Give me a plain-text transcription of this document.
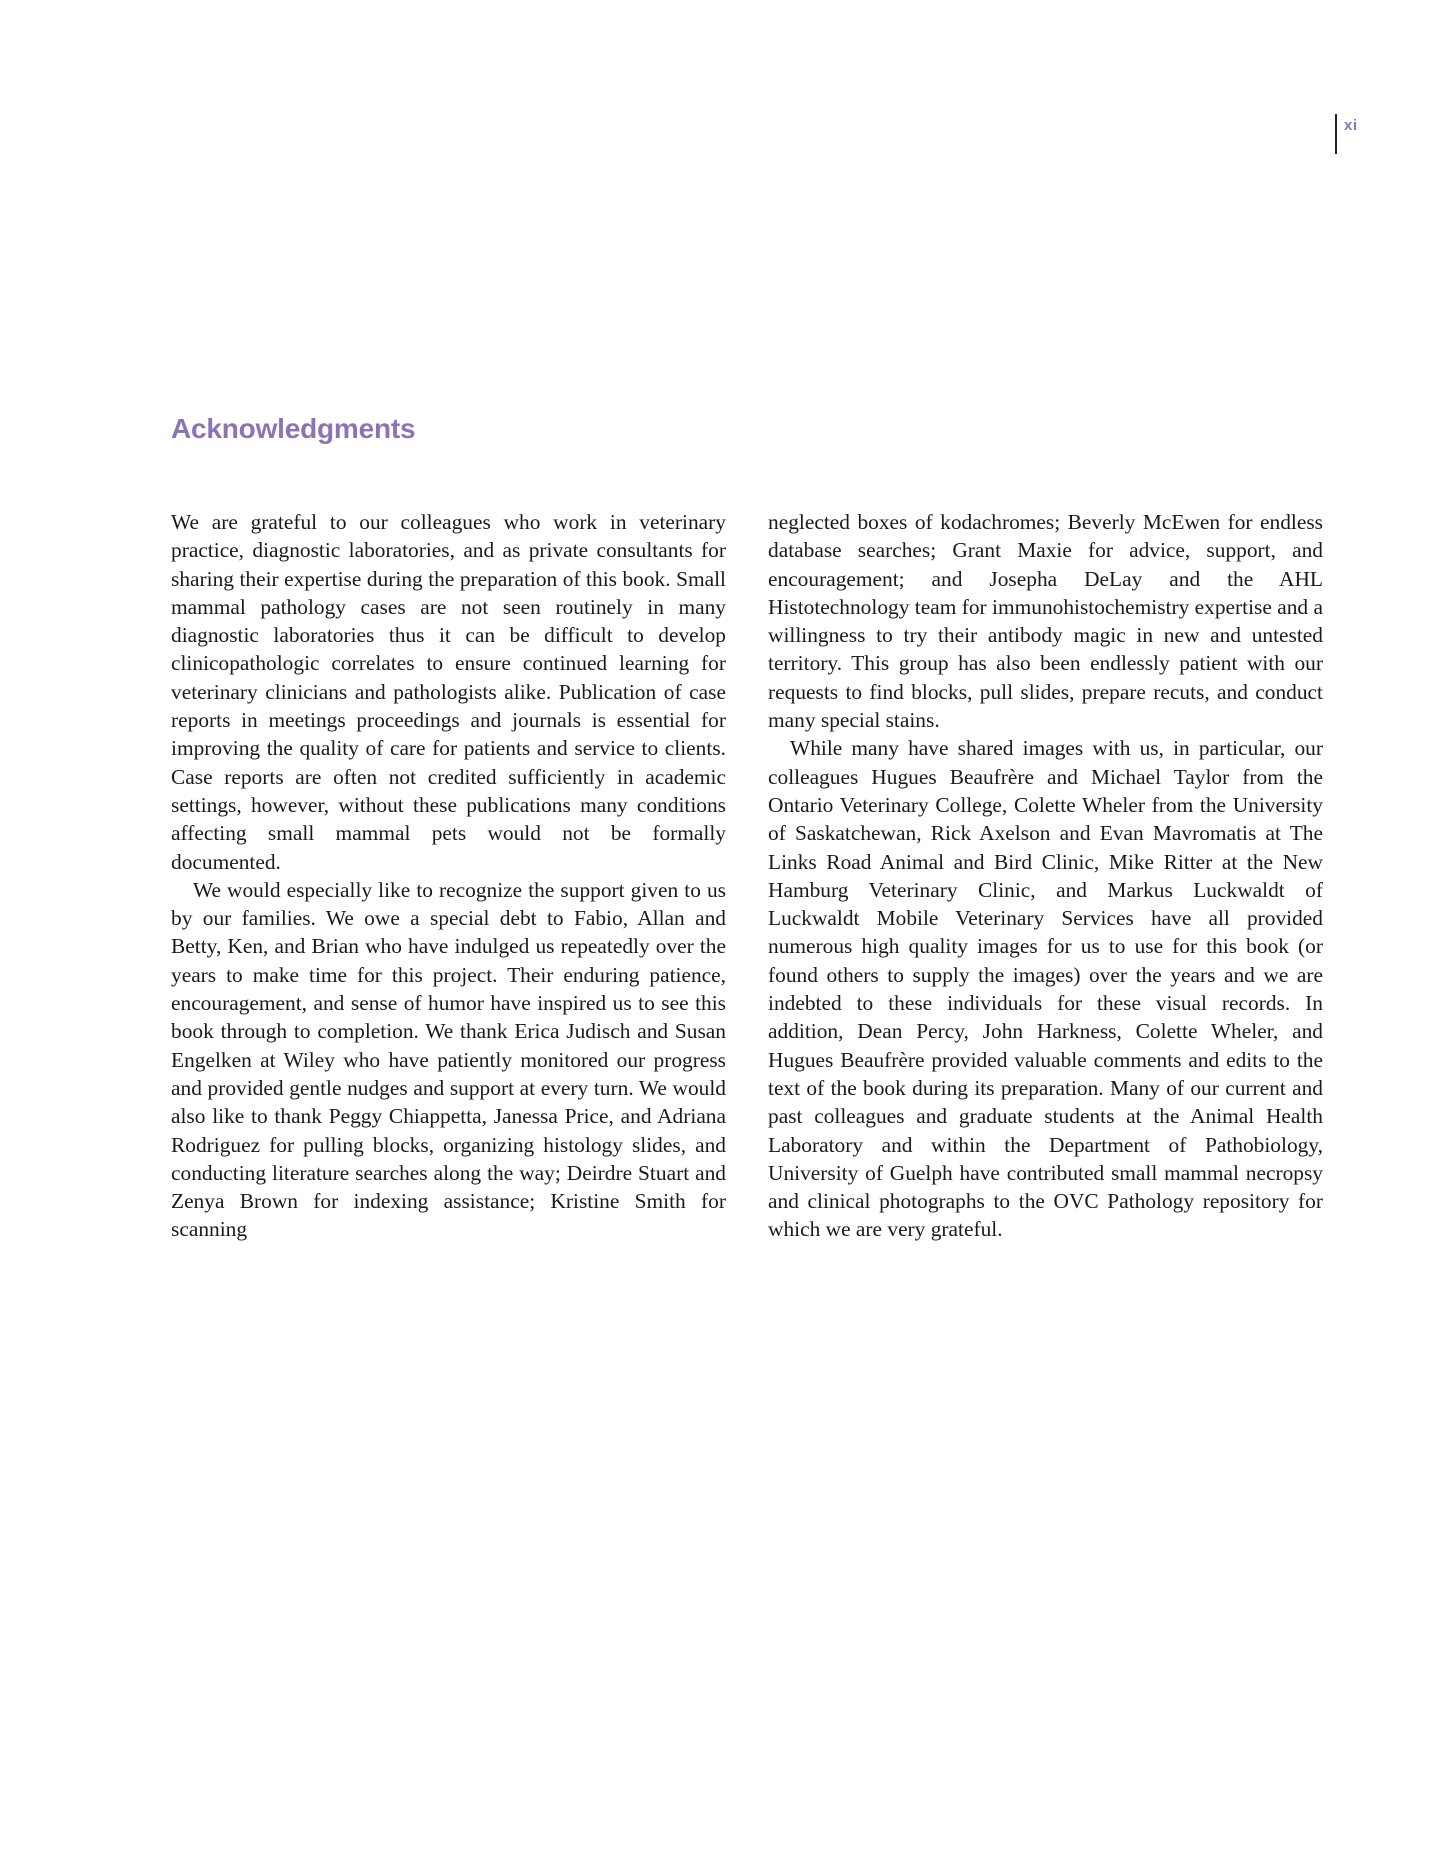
xi
Acknowledgments

We are grateful to our colleagues who work in veterinary practice, diagnostic laboratories, and as private consultants for sharing their expertise during the preparation of this book. Small mammal pathology cases are not seen routinely in many diagnostic laboratories thus it can be difficult to develop clinicopathologic correlates to ensure continued learning for veterinary clinicians and pathologists alike. Publication of case reports in meetings proceedings and journals is essential for improving the quality of care for patients and service to clients. Case reports are often not credited sufficiently in academic settings, however, without these publications many conditions affecting small mammal pets would not be formally documented.

We would especially like to recognize the support given to us by our families. We owe a special debt to Fabio, Allan and Betty, Ken, and Brian who have indulged us repeatedly over the years to make time for this project. Their enduring patience, encouragement, and sense of humor have inspired us to see this book through to completion. We thank Erica Judisch and Susan Engelken at Wiley who have patiently monitored our progress and provided gentle nudges and support at every turn. We would also like to thank Peggy Chiappetta, Janessa Price, and Adriana Rodriguez for pulling blocks, organizing histology slides, and conducting literature searches along the way; Deirdre Stuart and Zenya Brown for indexing assistance; Kristine Smith for scanning

neglected boxes of kodachromes; Beverly McEwen for endless database searches; Grant Maxie for advice, support, and encouragement; and Josepha DeLay and the AHL Histotechnology team for immunohistochemistry expertise and a willingness to try their antibody magic in new and untested territory. This group has also been endlessly patient with our requests to find blocks, pull slides, prepare recuts, and conduct many special stains.

While many have shared images with us, in particular, our colleagues Hugues Beaufrère and Michael Taylor from the Ontario Veterinary College, Colette Wheler from the University of Saskatchewan, Rick Axelson and Evan Mavromatis at The Links Road Animal and Bird Clinic, Mike Ritter at the New Hamburg Veterinary Clinic, and Markus Luckwaldt of Luckwaldt Mobile Veterinary Services have all provided numerous high quality images for us to use for this book (or found others to supply the images) over the years and we are indebted to these individuals for these visual records. In addition, Dean Percy, John Harkness, Colette Wheler, and Hugues Beaufrère provided valuable comments and edits to the text of the book during its preparation. Many of our current and past colleagues and graduate students at the Animal Health Laboratory and within the Department of Pathobiology, University of Guelph have contributed small mammal necropsy and clinical photographs to the OVC Pathology repository for which we are very grateful.
